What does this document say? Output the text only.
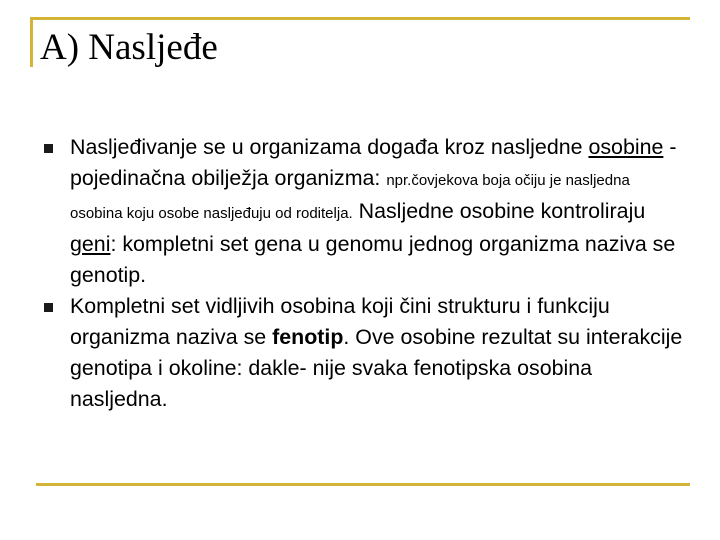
A) Nasljeđe
Nasljeđivanje se u organizama događa kroz nasljedne osobine - pojedinačna obilježja organizma: npr.čovjekova boja očiju je nasljedna osobina koju osobe nasljeđuju od roditelja. Nasljedne osobine kontroliraju geni: kompletni set gena u genomu jednog organizma naziva se genotip.
Kompletni set vidljivih osobina koji čini strukturu i funkciju organizma naziva se fenotip. Ove osobine rezultat su interakcije genotipa i okoline: dakle- nije svaka fenotipska osobina nasljedna.
